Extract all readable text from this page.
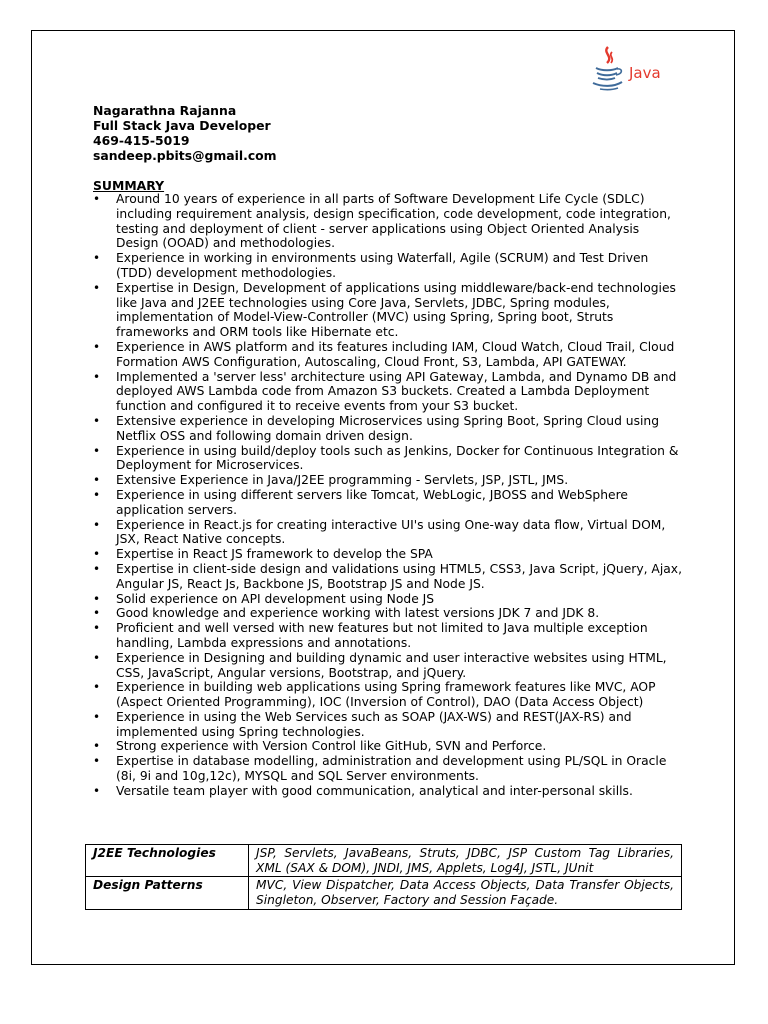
Java
Nagarathna Rajanna
Full Stack Java Developer
469-415-5019
sandeep.pbits@gmail.com
SUMMARY
• Around 10 years of experience in all parts of Software Development Life Cycle (SDLC) including requirement analysis, design specification, code development, code integration, testing and deployment of client - server applications using Object Oriented Analysis Design (OOAD) and methodologies.
• Experience in working in environments using Waterfall, Agile (SCRUM) and Test Driven (TDD) development methodologies.
• Expertise in Design, Development of applications using middleware/back-end technologies like Java and J2EE technologies using Core Java, Servlets, JDBC, Spring modules, implementation of Model-View-Controller (MVC) using Spring, Spring boot, Struts frameworks and ORM tools like Hibernate etc.
• Experience in AWS platform and its features including IAM, Cloud Watch, Cloud Trail, Cloud Formation AWS Configuration, Autoscaling, Cloud Front, S3, Lambda, API GATEWAY.
• Implemented a 'server less' architecture using API Gateway, Lambda, and Dynamo DB and deployed AWS Lambda code from Amazon S3 buckets. Created a Lambda Deployment function and configured it to receive events from your S3 bucket.
• Extensive experience in developing Microservices using Spring Boot, Spring Cloud using Netflix OSS and following domain driven design.
• Experience in using build/deploy tools such as Jenkins, Docker for Continuous Integration & Deployment for Microservices.
• Extensive Experience in Java/J2EE programming - Servlets, JSP, JSTL, JMS.
• Experience in using different servers like Tomcat, WebLogic, JBOSS and WebSphere application servers.
• Experience in React.js for creating interactive UI's using One-way data flow, Virtual DOM, JSX, React Native concepts.
• Expertise in React JS framework to develop the SPA
• Expertise in client-side design and validations using HTML5, CSS3, Java Script, jQuery, Ajax, Angular JS, React Js, Backbone JS, Bootstrap JS and Node JS.
• Solid experience on API development using Node JS
• Good knowledge and experience working with latest versions JDK 7 and JDK 8.
• Proficient and well versed with new features but not limited to Java multiple exception handling, Lambda expressions and annotations.
• Experience in Designing and building dynamic and user interactive websites using HTML, CSS, JavaScript, Angular versions, Bootstrap, and jQuery.
• Experience in building web applications using Spring framework features like MVC, AOP (Aspect Oriented Programming), IOC (Inversion of Control), DAO (Data Access Object)
• Experience in using the Web Services such as SOAP (JAX-WS) and REST(JAX-RS) and implemented using Spring technologies.
• Strong experience with Version Control like GitHub, SVN and Perforce.
• Expertise in database modelling, administration and development using PL/SQL in Oracle (8i, 9i and 10g,12c), MYSQL and SQL Server environments.
• Versatile team player with good communication, analytical and inter-personal skills.
J2EE Technologies	JSP, Servlets, JavaBeans, Struts, JDBC, JSP Custom Tag Libraries, XML (SAX & DOM), JNDI, JMS, Applets, Log4J, JSTL, JUnit
Design Patterns	MVC, View Dispatcher, Data Access Objects, Data Transfer Objects, Singleton, Observer, Factory and Session Façade.
